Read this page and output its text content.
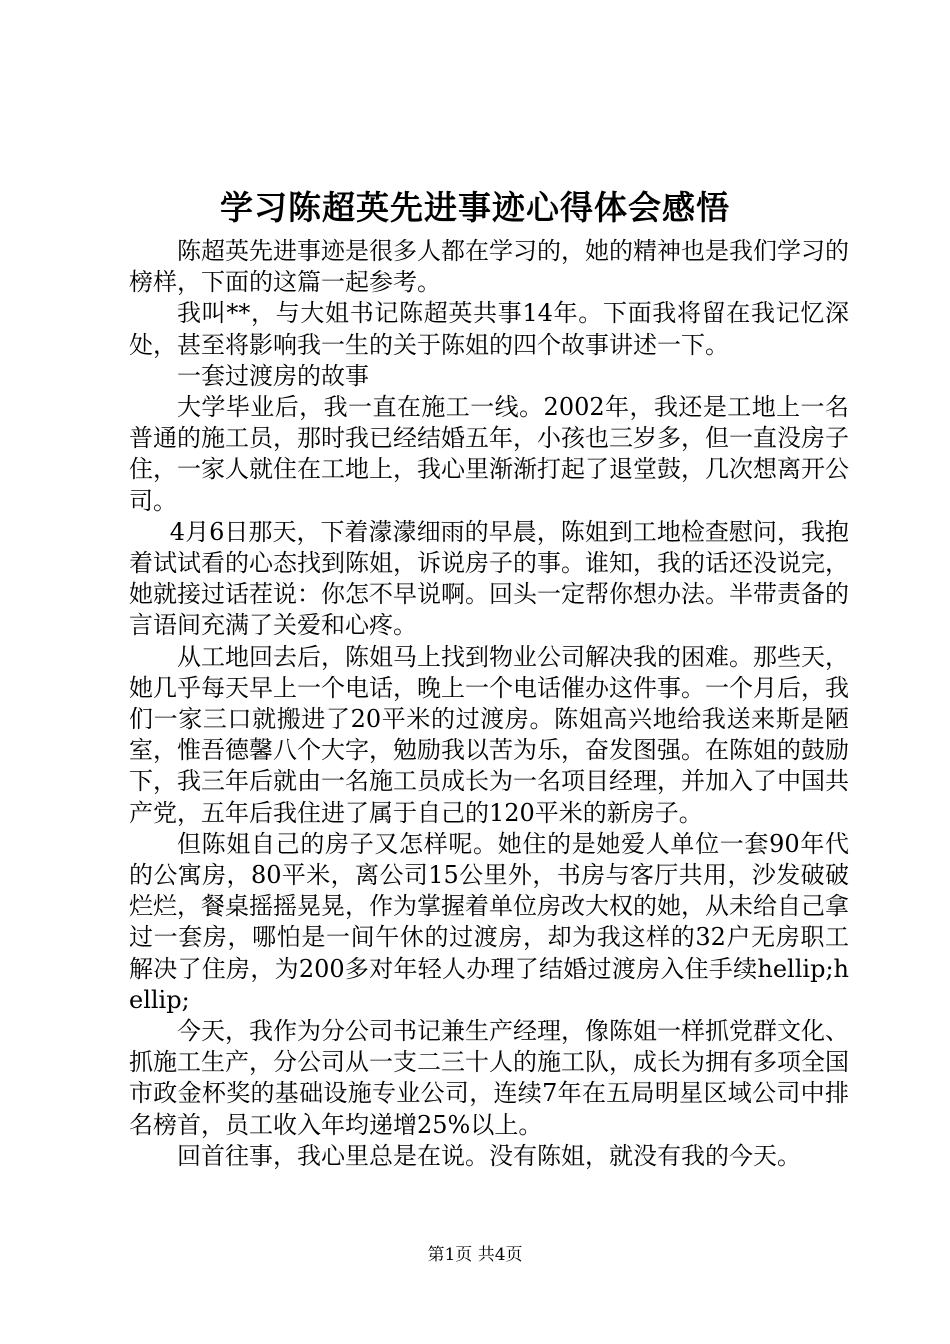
学习陈超英先进事迹心得体会感悟

陈超英先进事迹是很多人都在学习的，她的精神也是我们学习的榜样，下面的这篇一起参考。

我叫**，与大姐书记陈超英共事14年。下面我将留在我记忆深处，甚至将影响我一生的关于陈姐的四个故事讲述一下。

一套过渡房的故事

大学毕业后，我一直在施工一线。2002年，我还是工地上一名普通的施工员，那时我已经结婚五年，小孩也三岁多，但一直没房子住，一家人就住在工地上，我心里渐渐打起了退堂鼓，几次想离开公司。

4月6日那天，下着濛濛细雨的早晨，陈姐到工地检查慰问，我抱着试试看的心态找到陈姐，诉说房子的事。谁知，我的话还没说完，她就接过话茬说：你怎不早说啊。回头一定帮你想办法。半带责备的言语间充满了关爱和心疼。

从工地回去后，陈姐马上找到物业公司解决我的困难。那些天，她几乎每天早上一个电话，晚上一个电话催办这件事。一个月后，我们一家三口就搬进了20平米的过渡房。陈姐高兴地给我送来斯是陋室，惟吾德馨八个大字，勉励我以苦为乐，奋发图强。在陈姐的鼓励下，我三年后就由一名施工员成长为一名项目经理，并加入了中国共产党，五年后我住进了属于自己的120平米的新房子。

但陈姐自己的房子又怎样呢。她住的是她爱人单位一套90年代的公寓房，80平米，离公司15公里外，书房与客厅共用，沙发破破烂烂，餐桌摇摇晃晃，作为掌握着单位房改大权的她，从未给自己拿过一套房，哪怕是一间午休的过渡房，却为我这样的32户无房职工解决了住房，为200多对年轻人办理了结婚过渡房入住手续hellip;hellip;

今天，我作为分公司书记兼生产经理，像陈姐一样抓党群文化、抓施工生产，分公司从一支二三十人的施工队，成长为拥有多项全国市政金杯奖的基础设施专业公司，连续7年在五局明星区域公司中排名榜首，员工收入年均递增25%以上。

回首往事，我心里总是在说。没有陈姐，就没有我的今天。

第1页 共4页
